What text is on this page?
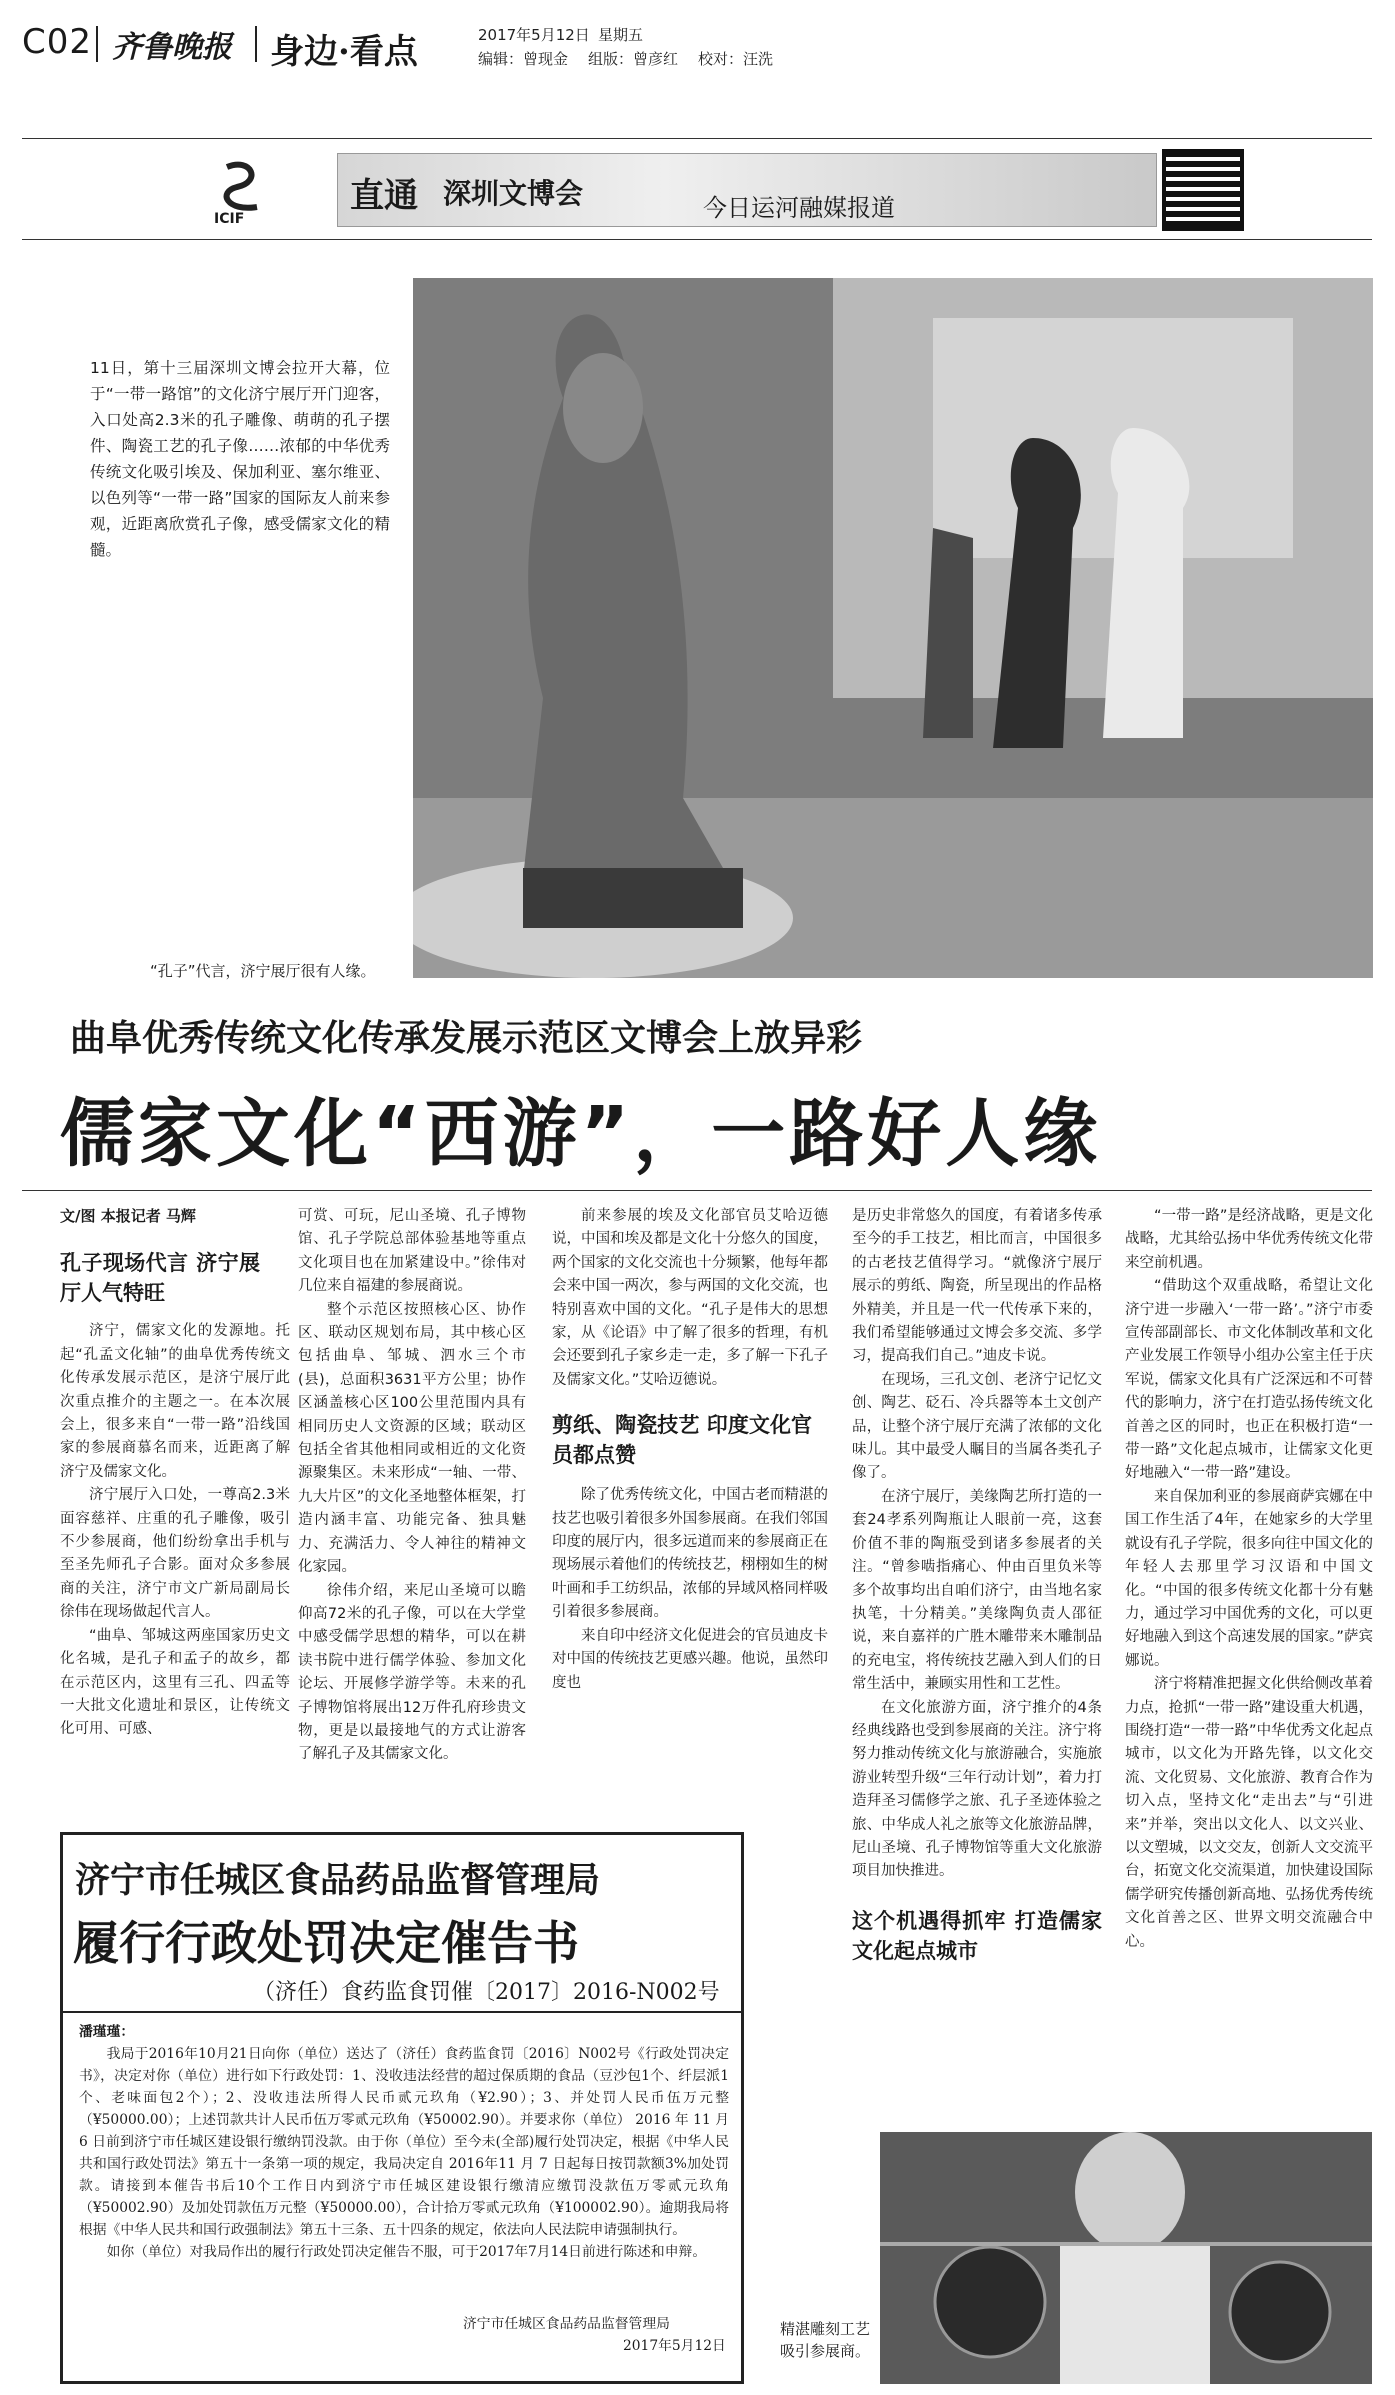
C02 齐鲁晚报 身边·看点	2017年5月12日 星期五
编辑：曾现金 组版：曾彦红 校对：汪洗
ICIF
直通 深圳文博会	今日运河融媒报道
11日，第十三届深圳文博会拉开大幕，位于“一带一路馆”的文化济宁展厅开门迎客，入口处高2.3米的孔子雕像、萌萌的孔子摆件、陶瓷工艺的孔子像……浓郁的中华优秀传统文化吸引埃及、保加利亚、塞尔维亚、以色列等“一带一路”国家的国际友人前来参观，近距离欣赏孔子像，感受儒家文化的精髓。
“孔子”代言，济宁展厅很有人缘。
曲阜优秀传统文化传承发展示范区文博会上放异彩
儒家文化“西游”，一路好人缘
文/图 本报记者 马辉
孔子现场代言 济宁展厅人气特旺

济宁，儒家文化的发源地。托起“孔孟文化轴”的曲阜优秀传统文化传承发展示范区，是济宁展厅此次重点推介的主题之一。在本次展会上，很多来自“一带一路”沿线国家的参展商慕名而来，近距离了解济宁及儒家文化。

济宁展厅入口处，一尊高2.3米面容慈祥、庄重的孔子雕像，吸引不少参展商，他们纷纷拿出手机与至圣先师孔子合影。面对众多参展商的关注，济宁市文广新局副局长徐伟在现场做起代言人。

“曲阜、邹城这两座国家历史文化名城，是孔子和孟子的故乡，都在示范区内，这里有三孔、四孟等一大批文化遗址和景区，让传统文化可用、可感、

可赏、可玩，尼山圣境、孔子博物馆、孔子学院总部体验基地等重点文化项目也在加紧建设中。”徐伟对几位来自福建的参展商说。

整个示范区按照核心区、协作区、联动区规划布局，其中核心区包括曲阜、邹城、泗水三个市(县)，总面积3631平方公里；协作区涵盖核心区100公里范围内具有相同历史人文资源的区域；联动区包括全省其他相同或相近的文化资源聚集区。未来形成“一轴、一带、九大片区”的文化圣地整体框架，打造内涵丰富、功能完备、独具魅力、充满活力、令人神往的精神文化家园。

徐伟介绍，来尼山圣境可以瞻仰高72米的孔子像，可以在大学堂中感受儒学思想的精华，可以在耕读书院中进行儒学体验、参加文化论坛、开展修学游学等。未来的孔子博物馆将展出12万件孔府珍贵文物，更是以最接地气的方式让游客了解孔子及其儒家文化。

前来参展的埃及文化部官员艾哈迈德说，中国和埃及都是文化十分悠久的国度，两个国家的文化交流也十分频繁，他每年都会来中国一两次，参与两国的文化交流，也特别喜欢中国的文化。“孔子是伟大的思想家，从《论语》中了解了很多的哲理，有机会还要到孔子家乡走一走，多了解一下孔子及儒家文化。”艾哈迈德说。

剪纸、陶瓷技艺 印度文化官员都点赞

除了优秀传统文化，中国古老而精湛的技艺也吸引着很多外国参展商。在我们邻国印度的展厅内，很多远道而来的参展商正在现场展示着他们的传统技艺，栩栩如生的树叶画和手工纺织品，浓郁的异域风格同样吸引着很多参展商。

来自印中经济文化促进会的官员迪皮卡对中国的传统技艺更感兴趣。他说，虽然印度也

是历史非常悠久的国度，有着诸多传承至今的手工技艺，相比而言，中国很多的古老技艺值得学习。“就像济宁展厅展示的剪纸、陶瓷，所呈现出的作品格外精美，并且是一代一代传承下来的，我们希望能够通过文博会多交流、多学习，提高我们自己。”迪皮卡说。

在现场，三孔文创、老济宁记忆文创、陶艺、砭石、冷兵器等本土文创产品，让整个济宁展厅充满了浓郁的文化味儿。其中最受人瞩目的当属各类孔子像了。

在济宁展厅，美缘陶艺所打造的一套24孝系列陶瓶让人眼前一亮，这套价值不菲的陶瓶受到诸多参展者的关注。“曾参啮指痛心、仲由百里负米等多个故事均出自咱们济宁，由当地名家执笔，十分精美。”美缘陶负责人邵征说，来自嘉祥的广胜木雕带来木雕制品的充电宝，将传统技艺融入到人们的日常生活中，兼顾实用性和工艺性。

在文化旅游方面，济宁推介的4条经典线路也受到参展商的关注。济宁将努力推动传统文化与旅游融合，实施旅游业转型升级“三年行动计划”，着力打造拜圣习儒修学之旅、孔子圣迹体验之旅、中华成人礼之旅等文化旅游品牌，尼山圣境、孔子博物馆等重大文化旅游项目加快推进。

这个机遇得抓牢 打造儒家文化起点城市

“一带一路”是经济战略，更是文化战略，尤其给弘扬中华优秀传统文化带来空前机遇。

“借助这个双重战略，希望让文化济宁进一步融入‘一带一路’。”济宁市委宣传部副部长、市文化体制改革和文化产业发展工作领导小组办公室主任于庆军说，儒家文化具有广泛深远和不可替代的影响力，济宁在打造弘扬传统文化首善之区的同时，也正在积极打造“一带一路”文化起点城市，让儒家文化更好地融入“一带一路”建设。

来自保加利亚的参展商萨宾娜在中国工作生活了4年，在她家乡的大学里就设有孔子学院，很多向往中国文化的年轻人去那里学习汉语和中国文化。“中国的很多传统文化都十分有魅力，通过学习中国优秀的文化，可以更好地融入到这个高速发展的国家。”萨宾娜说。

济宁将精准把握文化供给侧改革着力点，抢抓“一带一路”建设重大机遇，围绕打造“一带一路”中华优秀文化起点城市，以文化为开路先锋，以文化交流、文化贸易、文化旅游、教育合作为切入点，坚持文化“走出去”与“引进来”并举，突出以文化人、以文兴业、以文塑城，以文交友，创新人文交流平台，拓宽文化交流渠道，加快建设国际儒学研究传播创新高地、弘扬优秀传统文化首善之区、世界文明交流融合中心。

济宁市任城区食品药品监督管理局
履行行政处罚决定催告书
（济任）食药监食罚催〔2017〕2016-N002号
潘瑾瑾：
我局于2016年10月21日向你（单位）送达了（济任）食药监食罚〔2016〕N002号《行政处罚决定书》，决定对你（单位）进行如下行政处罚：1、没收违法经营的超过保质期的食品（豆沙包1个、纤层派1个、老味面包2个）；2、没收违法所得人民币贰元玖角（¥2.90）；3、并处罚人民币伍万元整（¥50000.00）；上述罚款共计人民币伍万零贰元玖角（¥50002.90）。并要求你（单位） 2016 年 11 月 6 日前到济宁市任城区建设银行缴纳罚没款。由于你（单位）至今未(全部)履行处罚决定，根据《中华人民共和国行政处罚法》第五十一条第一项的规定，我局决定自 2016年11 月 7 日起每日按罚款额3%加处罚款。请接到本催告书后10个工作日内到济宁市任城区建设银行缴清应缴罚没款伍万零贰元玖角（¥50002.90）及加处罚款伍万元整（¥50000.00），合计拾万零贰元玖角（¥100002.90）。逾期我局将根据《中华人民共和国行政强制法》第五十三条、五十四条的规定，依法向人民法院申请强制执行。
如你（单位）对我局作出的履行行政处罚决定催告不服，可于2017年7月14日前进行陈述和申辩。
济宁市任城区食品药品监督管理局
2017年5月12日
精湛雕刻工艺吸引参展商。
